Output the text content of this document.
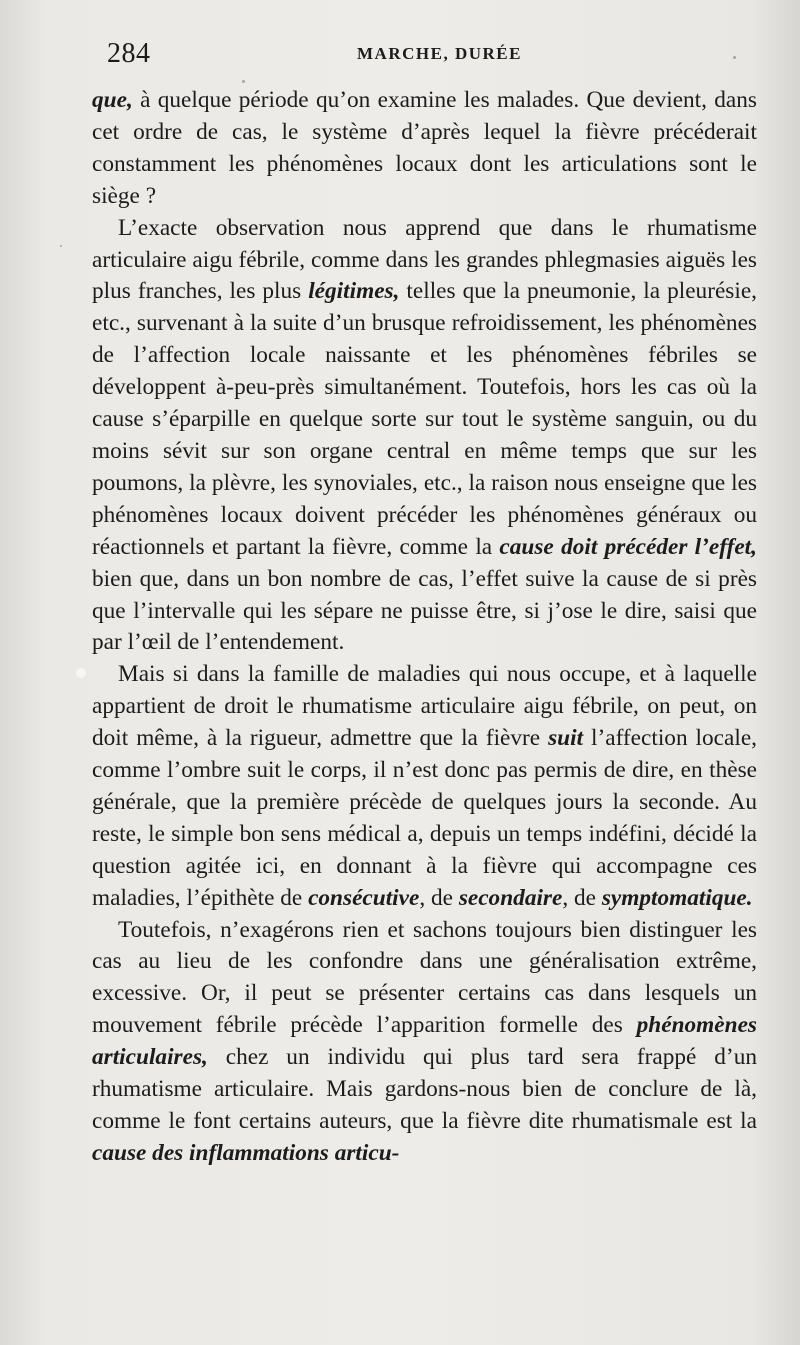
284	MARCHE, DURÉE

que, à quelque période qu’on examine les malades. Que devient, dans cet ordre de cas, le système d’après lequel la fièvre précéderait constamment les phénomènes locaux dont les articulations sont le siège ?

L’exacte observation nous apprend que dans le rhumatisme articulaire aigu fébrile, comme dans les grandes phlegmasies aiguës les plus franches, les plus légitimes, telles que la pneumonie, la pleurésie, etc., survenant à la suite d’un brusque refroidissement, les phénomènes de l’affection locale naissante et les phénomènes fébriles se développent à-peu-près simultanément. Toutefois, hors les cas où la cause s’éparpille en quelque sorte sur tout le système sanguin, ou du moins sévit sur son organe central en même temps que sur les poumons, la plèvre, les synoviales, etc., la raison nous enseigne que les phénomènes locaux doivent précéder les phénomènes généraux ou réactionnels et partant la fièvre, comme la cause doit précéder l’effet, bien que, dans un bon nombre de cas, l’effet suive la cause de si près que l’intervalle qui les sépare ne puisse être, si j’ose le dire, saisi que par l’œil de l’entendement.

Mais si dans la famille de maladies qui nous occupe, et à laquelle appartient de droit le rhumatisme articulaire aigu fébrile, on peut, on doit même, à la rigueur, admettre que la fièvre suit l’affection locale, comme l’ombre suit le corps, il n’est donc pas permis de dire, en thèse générale, que la première précède de quelques jours la seconde. Au reste, le simple bon sens médical a, depuis un temps indéfini, décidé la question agitée ici, en donnant à la fièvre qui accompagne ces maladies, l’épithète de consécutive, de secondaire, de symptomatique.

Toutefois, n’exagérons rien et sachons toujours bien distinguer les cas au lieu de les confondre dans une généralisation extrême, excessive. Or, il peut se présenter certains cas dans lesquels un mouvement fébrile précède l’apparition formelle des phénomènes articulaires, chez un individu qui plus tard sera frappé d’un rhumatisme articulaire. Mais gardons-nous bien de conclure de là, comme le font certains auteurs, que la fièvre dite rhumatismale est la cause des inflammations articu-
